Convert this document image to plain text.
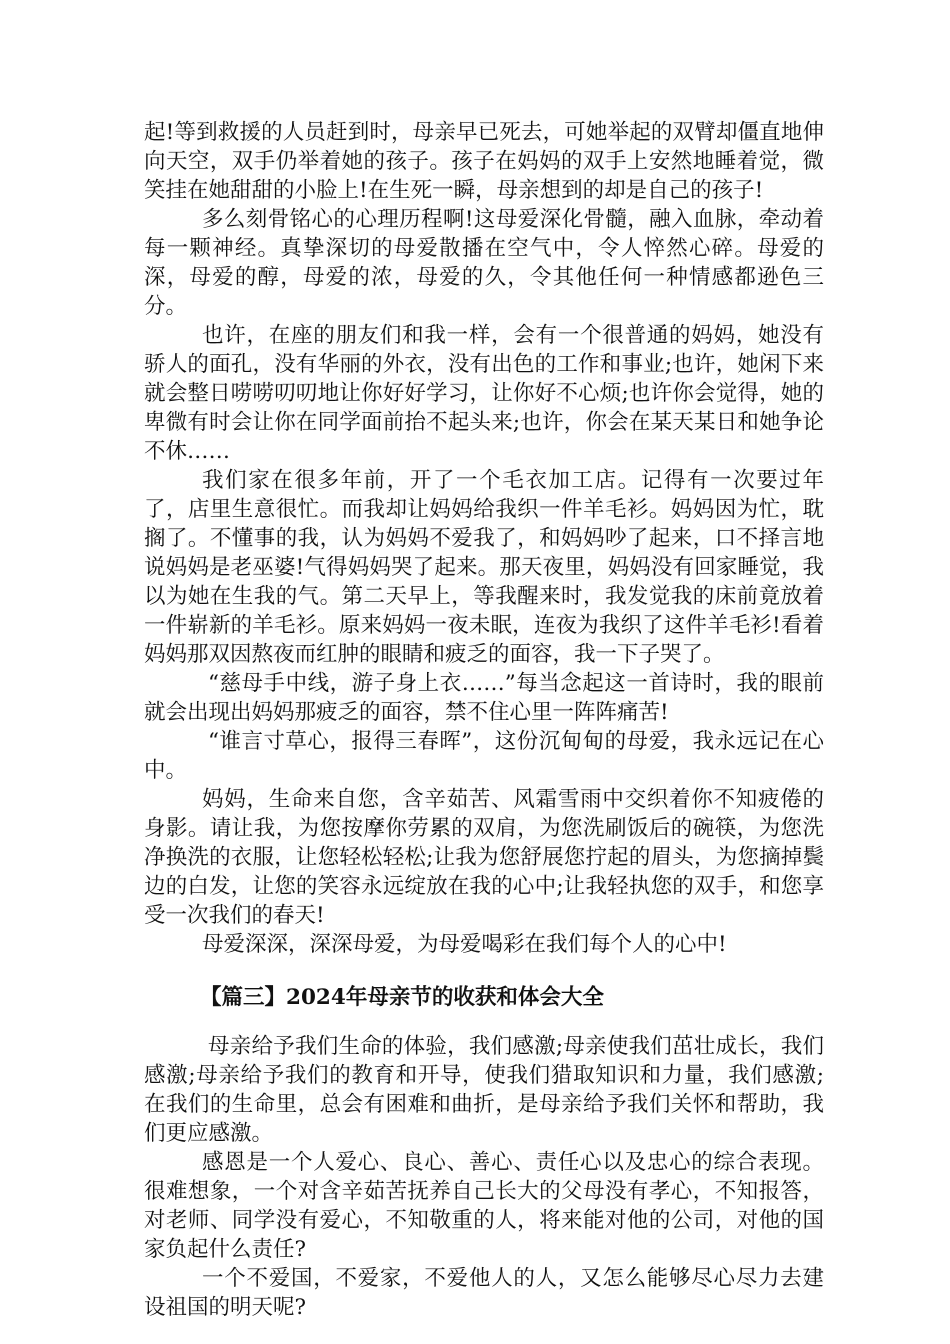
起!等到救援的人员赶到时，母亲早已死去，可她举起的双臂却僵直地伸向天空，双手仍举着她的孩子。孩子在妈妈的双手上安然地睡着觉，微笑挂在她甜甜的小脸上!在生死一瞬，母亲想到的却是自己的孩子!

多么刻骨铭心的心理历程啊!这母爱深化骨髓，融入血脉，牵动着每一颗神经。真挚深切的母爱散播在空气中，令人悴然心碎。母爱的深，母爱的醇，母爱的浓，母爱的久，令其他任何一种情感都逊色三分。

也许，在座的朋友们和我一样，会有一个很普通的妈妈，她没有骄人的面孔，没有华丽的外衣，没有出色的工作和事业;也许，她闲下来就会整日唠唠叨叨地让你好好学习，让你好不心烦;也许你会觉得，她的卑微有时会让你在同学面前抬不起头来;也许，你会在某天某日和她争论不休……

我们家在很多年前，开了一个毛衣加工店。记得有一次要过年了，店里生意很忙。而我却让妈妈给我织一件羊毛衫。妈妈因为忙，耽搁了。不懂事的我，认为妈妈不爱我了，和妈妈吵了起来，口不择言地说妈妈是老巫婆!气得妈妈哭了起来。那天夜里，妈妈没有回家睡觉，我以为她在生我的气。第二天早上，等我醒来时，我发觉我的床前竟放着一件崭新的羊毛衫。原来妈妈一夜未眠，连夜为我织了这件羊毛衫!看着妈妈那双因熬夜而红肿的眼睛和疲乏的面容，我一下子哭了。

“慈母手中线，游子身上衣……”每当念起这一首诗时，我的眼前就会出现出妈妈那疲乏的面容，禁不住心里一阵阵痛苦!

“谁言寸草心，报得三春晖”，这份沉甸甸的母爱，我永远记在心中。

妈妈，生命来自您，含辛茹苦、风霜雪雨中交织着你不知疲倦的身影。请让我，为您按摩你劳累的双肩，为您洗刷饭后的碗筷，为您洗净换洗的衣服，让您轻松轻松;让我为您舒展您拧起的眉头，为您摘掉鬓边的白发，让您的笑容永远绽放在我的心中;让我轻执您的双手，和您享受一次我们的春天!

母爱深深，深深母爱，为母爱喝彩在我们每个人的心中!

【篇三】2024年母亲节的收获和体会大全

母亲给予我们生命的体验，我们感激;母亲使我们茁壮成长，我们感激;母亲给予我们的教育和开导，使我们猎取知识和力量，我们感激;在我们的生命里，总会有困难和曲折，是母亲给予我们关怀和帮助，我们更应感激。

感恩是一个人爱心、良心、善心、责任心以及忠心的综合表现。很难想象，一个对含辛茹苦抚养自己长大的父母没有孝心，不知报答，对老师、同学没有爱心，不知敬重的人，将来能对他的公司，对他的国家负起什么责任?

一个不爱国，不爱家，不爱他人的人，又怎么能够尽心尽力去建设祖国的明天呢?
